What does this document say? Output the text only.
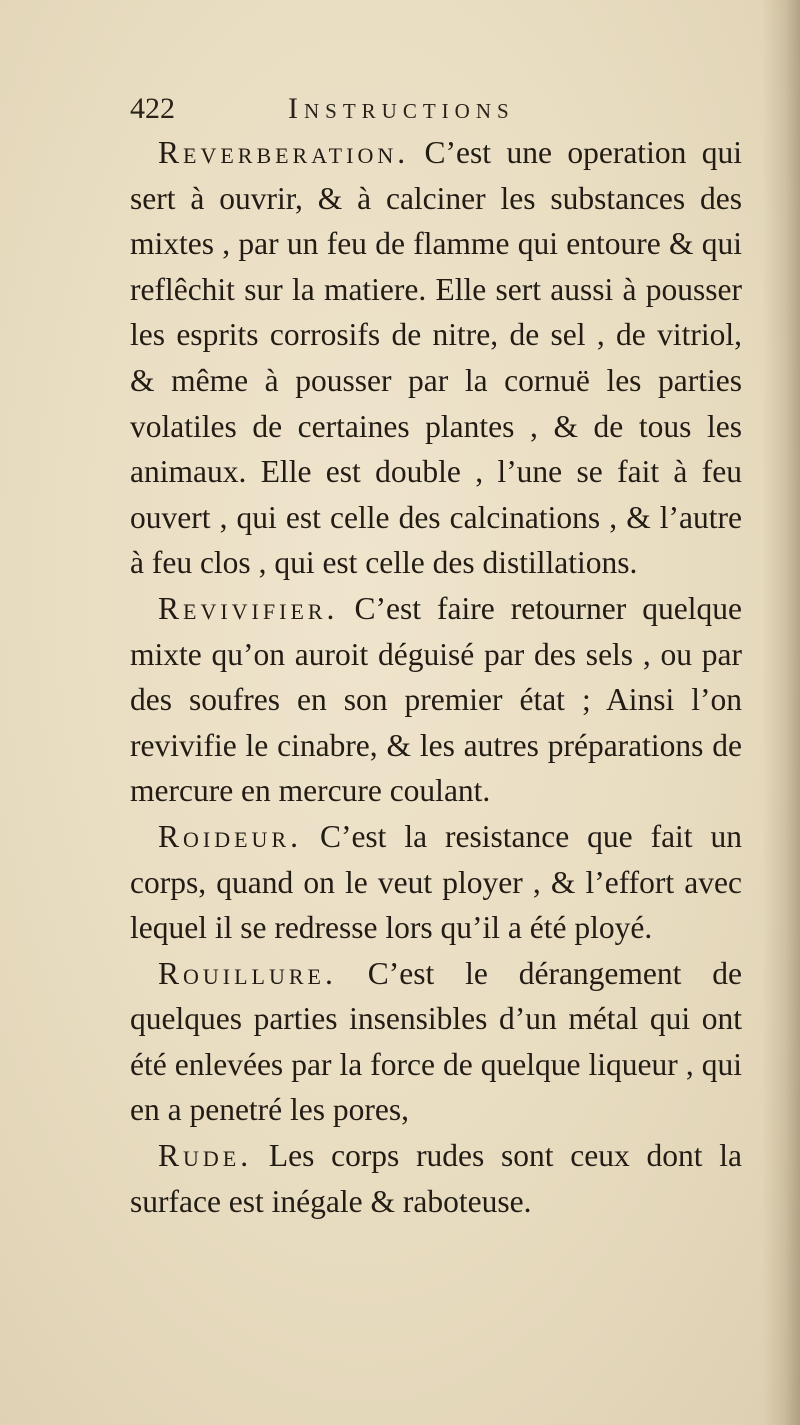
422	Instructions

Reverberation. C’est une operation qui sert à ouvrir, & à calciner les substances des mixtes , par un feu de flamme qui entoure & qui reflêchit sur la matiere. Elle sert aussi à pousser les esprits corrosifs de nitre, de sel , de vitriol, & même à pousser par la cornuë les parties volatiles de certaines plantes , & de tous les animaux. Elle est double , l’une se fait à feu ouvert , qui est celle des calcinations , & l’autre à feu clos , qui est celle des distillations.

Revivifier. C’est faire retourner quelque mixte qu’on auroit déguisé par des sels , ou par des soufres en son premier état ; Ainsi l’on revivifie le cinabre, & les autres préparations de mercure en mercure coulant.

Roideur. C’est la resistance que fait un corps, quand on le veut ployer , & l’effort avec lequel il se redresse lors qu’il a été ployé.

Rouillure. C’est le dérangement de quelques parties insensibles d’un métal qui ont été enlevées par la force de quelque liqueur , qui en a penetré les pores,

Rude. Les corps rudes sont ceux dont la surface est inégale & raboteuse.
